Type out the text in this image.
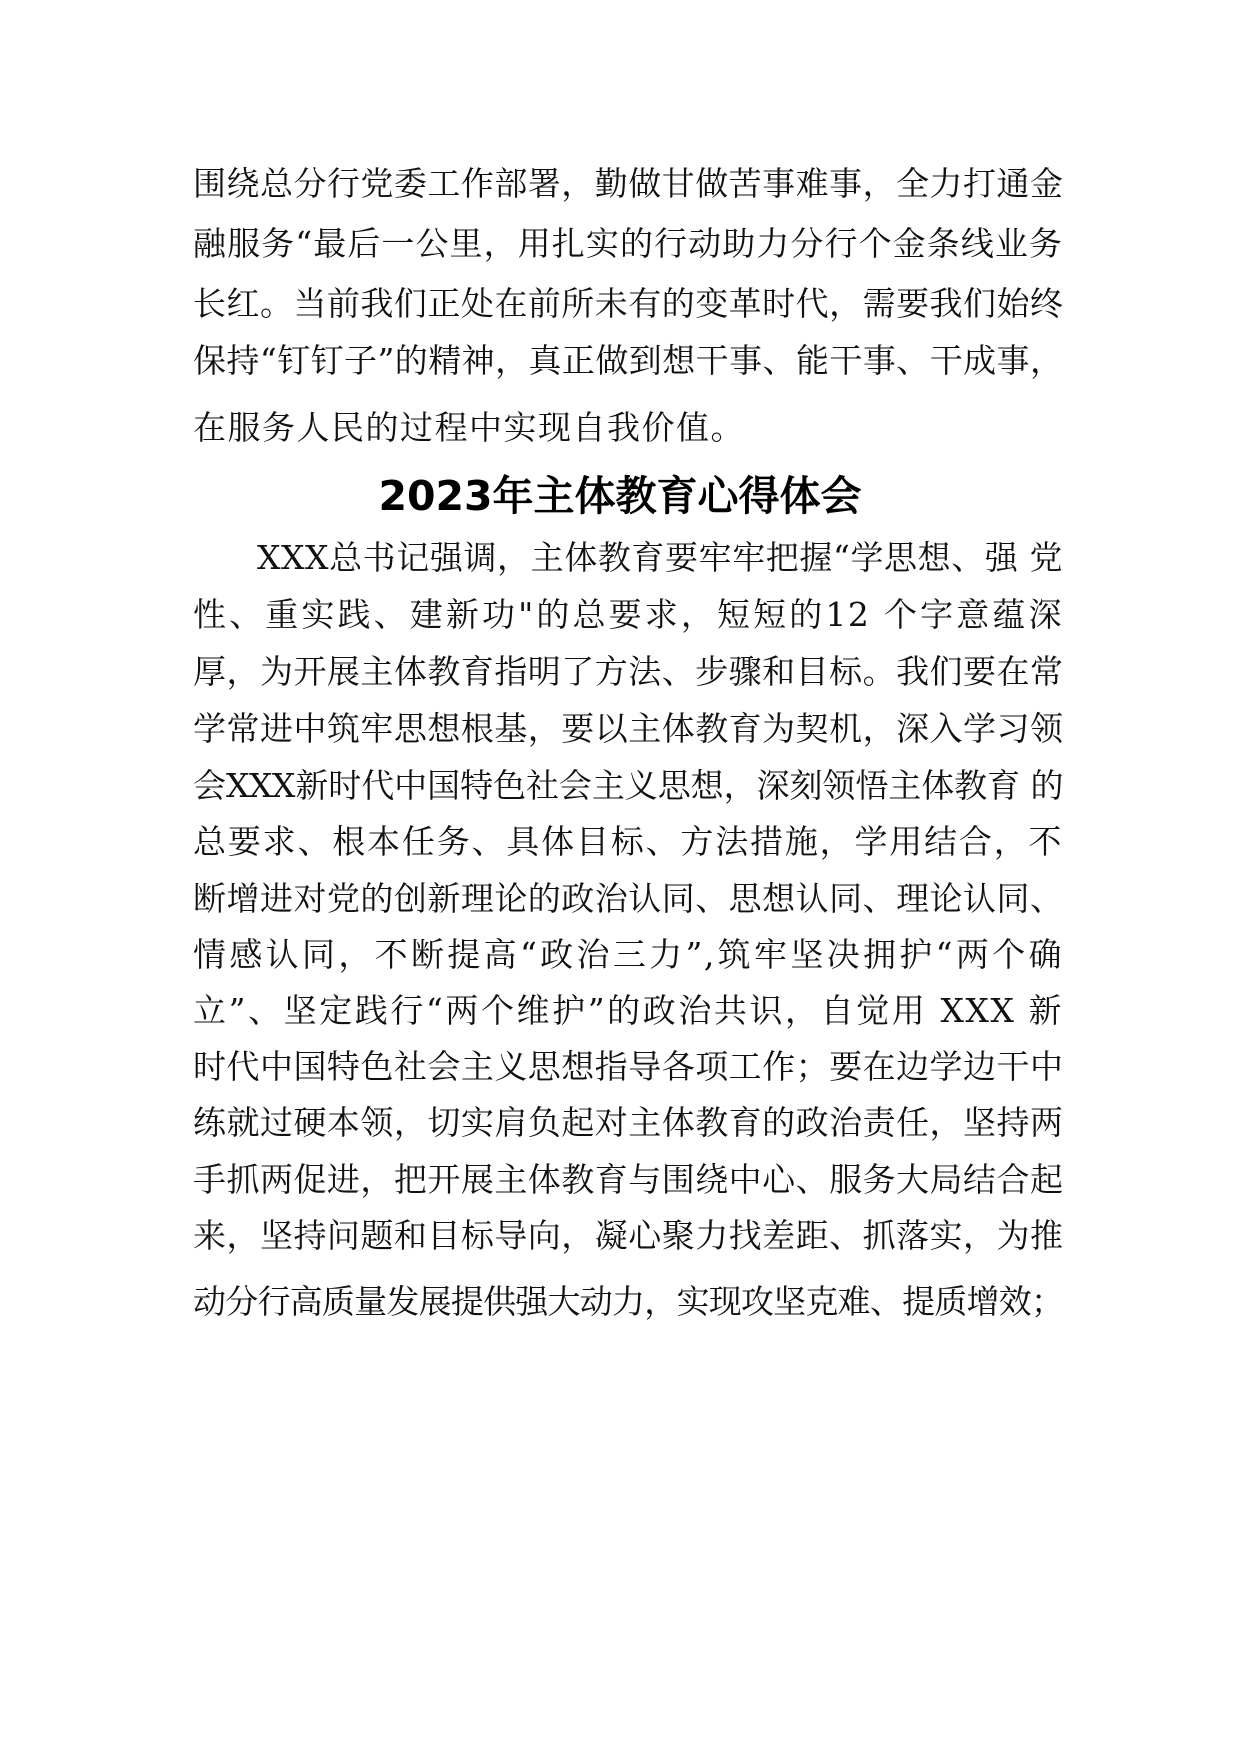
围绕总分行党委工作部署，勤做甘做苦事难事，全力打通金
融服务“最后一公里，用扎实的行动助力分行个金条线业务
长红。当前我们正处在前所未有的变革时代，需要我们始终
保持“钉钉子”的精神，真正做到想干事、能干事、干成事，
在服务人民的过程中实现自我价值。
2023年主体教育心得体会
XXX总书记强调，主体教育要牢牢把握“学思想、强 党
性、重实践、建新功"的总要求，短短的12 个字意蕴深
厚，为开展主体教育指明了方法、步骤和目标。我们要在常
学常进中筑牢思想根基，要以主体教育为契机，深入学习领
会XXX新时代中国特色社会主义思想，深刻领悟主体教育 的
总要求、根本任务、具体目标、方法措施，学用结合，不
断增进对党的创新理论的政治认同、思想认同、理论认同、
情感认同，不断提高“政治三力”,筑牢坚决拥护“两个确
立”、坚定践行“两个维护”的政治共识，自觉用 XXX 新
时代中国特色社会主义思想指导各项工作；要在边学边干中
练就过硬本领，切实肩负起对主体教育的政治责任，坚持两
手抓两促进，把开展主体教育与围绕中心、服务大局结合起
来，坚持问题和目标导向，凝心聚力找差距、抓落实，为推
动分行高质量发展提供强大动力，实现攻坚克难、提质增效；
